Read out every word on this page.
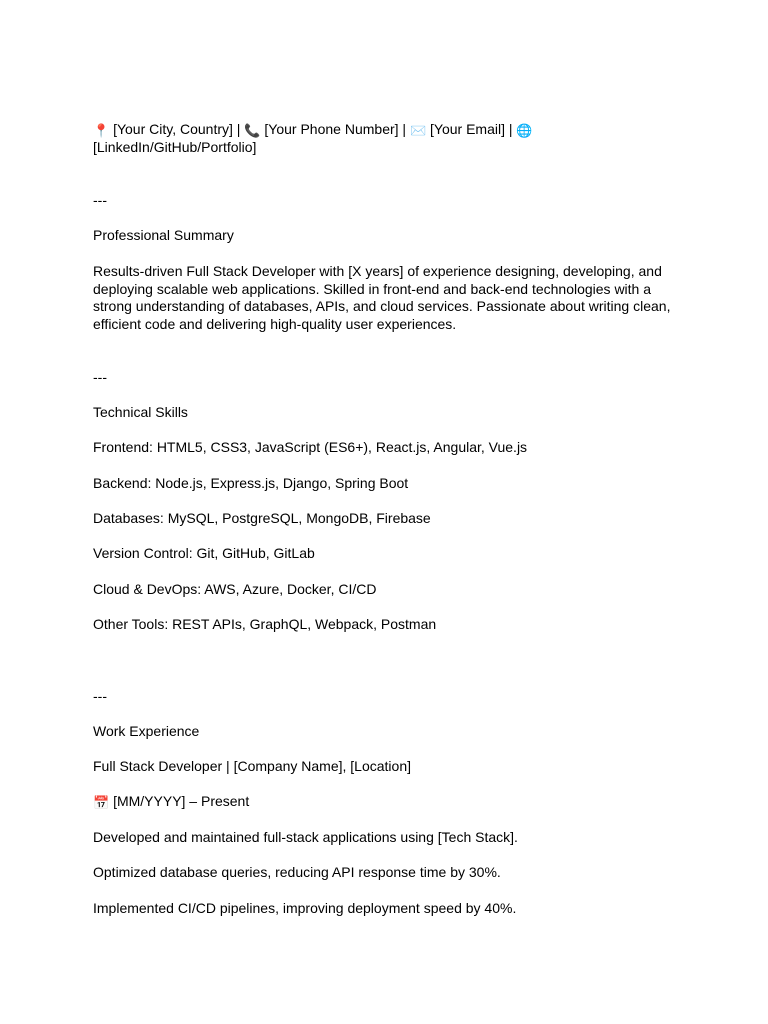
📍 [Your City, Country] | 📞 [Your Phone Number] | ✉️ [Your Email] | 🌐 [LinkedIn/GitHub/Portfolio]
---
Professional Summary
Results-driven Full Stack Developer with [X years] of experience designing, developing, and deploying scalable web applications. Skilled in front-end and back-end technologies with a strong understanding of databases, APIs, and cloud services. Passionate about writing clean, efficient code and delivering high-quality user experiences.
---
Technical Skills
Frontend: HTML5, CSS3, JavaScript (ES6+), React.js, Angular, Vue.js
Backend: Node.js, Express.js, Django, Spring Boot
Databases: MySQL, PostgreSQL, MongoDB, Firebase
Version Control: Git, GitHub, GitLab
Cloud & DevOps: AWS, Azure, Docker, CI/CD
Other Tools: REST APIs, GraphQL, Webpack, Postman
---
Work Experience
Full Stack Developer | [Company Name], [Location]
📅 [MM/YYYY] – Present
Developed and maintained full-stack applications using [Tech Stack].
Optimized database queries, reducing API response time by 30%.
Implemented CI/CD pipelines, improving deployment speed by 40%.
